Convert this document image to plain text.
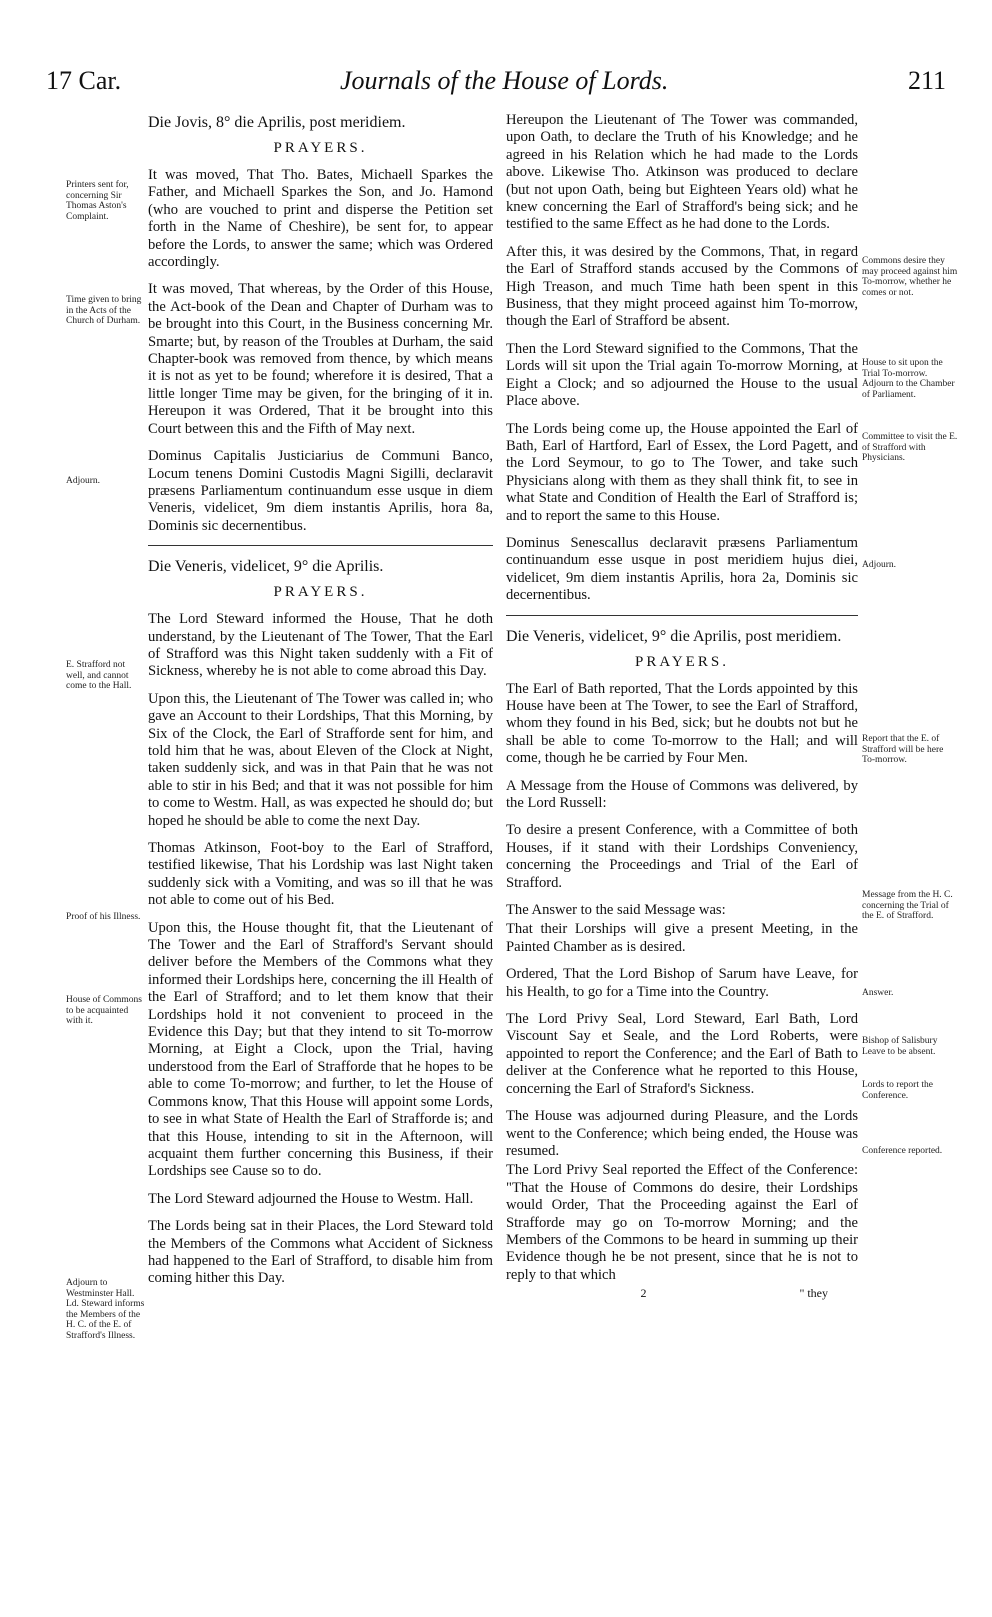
17 Car.	Journals of the House of Lords.	211
Printers sent for, concerning Sir Thomas Aston's Complaint.
Time given to bring in the Acts of the Church of Durham.
Adjourn.
E. Strafford not well, and cannot come to the Hall.
Proof of his Illness.
House of Commons to be acquainted with it.
Adjourn to Westminster Hall. Ld. Steward informs the Members of the H. C. of the E. of Strafford's Illness.
Die Jovis, 8° die Aprilis, post meridiem.
PRAYERS.

It was moved, That Tho. Bates, Michaell Sparkes the Father, and Michaell Sparkes the Son, and Jo. Hamond (who are vouched to print and disperse the Petition set forth in the Name of Cheshire), be sent for, to appear before the Lords, to answer the same; which was Ordered accordingly.

It was moved, That whereas, by the Order of this House, the Act-book of the Dean and Chapter of Durham was to be brought into this Court, in the Business concerning Mr. Smarte; but, by reason of the Troubles at Durham, the said Chapter-book was removed from thence, by which means it is not as yet to be found; wherefore it is desired, That a little longer Time may be given, for the bringing of it in. Hereupon it was Ordered, That it be brought into this Court between this and the Fifth of May next.

Dominus Capitalis Justiciarius de Communi Banco, Locum tenens Domini Custodis Magni Sigilli, declaravit præsens Parliamentum continuandum esse usque in diem Veneris, videlicet, 9m diem instantis Aprilis, hora 8a, Dominis sic decernentibus.

Die Veneris, videlicet, 9° die Aprilis.
PRAYERS.

The Lord Steward informed the House, That he doth understand, by the Lieutenant of The Tower, That the Earl of Strafford was this Night taken suddenly with a Fit of Sickness, whereby he is not able to come abroad this Day.

Upon this, the Lieutenant of The Tower was called in; who gave an Account to their Lordships, That this Morning, by Six of the Clock, the Earl of Strafforde sent for him, and told him that he was, about Eleven of the Clock at Night, taken suddenly sick, and was in that Pain that he was not able to stir in his Bed; and that it was not possible for him to come to Westm. Hall, as was expected he should do; but hoped he should be able to come the next Day.

Thomas Atkinson, Foot-boy to the Earl of Strafford, testified likewise, That his Lordship was last Night taken suddenly sick with a Vomiting, and was so ill that he was not able to come out of his Bed.

Upon this, the House thought fit, that the Lieutenant of The Tower and the Earl of Strafford's Servant should deliver before the Members of the Commons what they informed their Lordships here, concerning the ill Health of the Earl of Strafford; and to let them know that their Lordships hold it not convenient to proceed in the Evidence this Day; but that they intend to sit To-morrow Morning, at Eight a Clock, upon the Trial, having understood from the Earl of Strafforde that he hopes to be able to come To-morrow; and further, to let the House of Commons know, That this House will appoint some Lords, to see in what State of Health the Earl of Strafforde is; and that this House, intending to sit in the Afternoon, will acquaint them further concerning this Business, if their Lordships see Cause so to do.

The Lord Steward adjourned the House to Westm. Hall.

The Lords being sat in their Places, the Lord Steward told the Members of the Commons what Accident of Sickness had happened to the Earl of Strafford, to disable him from coming hither this Day.

Hereupon the Lieutenant of The Tower was commanded, upon Oath, to declare the Truth of his Knowledge; and he agreed in his Relation which he had made to the Lords above. Likewise Tho. Atkinson was produced to declare (but not upon Oath, being but Eighteen Years old) what he knew concerning the Earl of Strafford's being sick; and he testified to the same Effect as he had done to the Lords.

After this, it was desired by the Commons, That, in regard the Earl of Strafford stands accused by the Commons of High Treason, and much Time hath been spent in this Business, that they might proceed against him To-morrow, though the Earl of Strafford be absent.

Then the Lord Steward signified to the Commons, That the Lords will sit upon the Trial again To-morrow Morning, at Eight a Clock; and so adjourned the House to the usual Place above.

The Lords being come up, the House appointed the Earl of Bath, Earl of Hartford, Earl of Essex, the Lord Pagett, and the Lord Seymour, to go to The Tower, and take such Physicians along with them as they shall think fit, to see in what State and Condition of Health the Earl of Strafford is; and to report the same to this House.

Dominus Senescallus declaravit præsens Parliamentum continuandum esse usque in post meridiem hujus diei, videlicet, 9m diem instantis Aprilis, hora 2a, Dominis sic decernentibus.

Die Veneris, videlicet, 9° die Aprilis, post meridiem.
PRAYERS.

The Earl of Bath reported, That the Lords appointed by this House have been at The Tower, to see the Earl of Strafford, whom they found in his Bed, sick; but he doubts not but he shall be able to come To-morrow to the Hall; and will come, though he be carried by Four Men.

A Message from the House of Commons was delivered, by the Lord Russell:

To desire a present Conference, with a Committee of both Houses, if it stand with their Lordships Conveniency, concerning the Proceedings and Trial of the Earl of Strafford.

The Answer to the said Message was:

That their Lorships will give a present Meeting, in the Painted Chamber as is desired.

Ordered, That the Lord Bishop of Sarum have Leave, for his Health, to go for a Time into the Country.

The Lord Privy Seal, Lord Steward, Earl Bath, Lord Viscount Say et Seale, and the Lord Roberts, were appointed to report the Conference; and the Earl of Bath to deliver at the Conference what he reported to this House, concerning the Earl of Straford's Sickness.

The House was adjourned during Pleasure, and the Lords went to the Conference; which being ended, the House was resumed.

The Lord Privy Seal reported the Effect of the Conference: "That the House of Commons do desire, their Lordships would Order, That the Proceeding against the Earl of Strafforde may go on To-morrow Morning; and the Members of the Commons to be heard in summing up their Evidence though he be not present, since that he is not to reply to that which

2	" they
Commons desire they may proceed against him To-morrow, whether he comes or not.
House to sit upon the Trial To-morrow. Adjourn to the Chamber of Parliament.
Committee to visit the E. of Strafford with Physicians.
Adjourn.
Report that the E. of Strafford will be here To-morrow.
Message from the H. C. concerning the Trial of the E. of Strafford.
Answer.
Bishop of Salisbury Leave to be absent.
Lords to report the Conference.
Conference reported.
